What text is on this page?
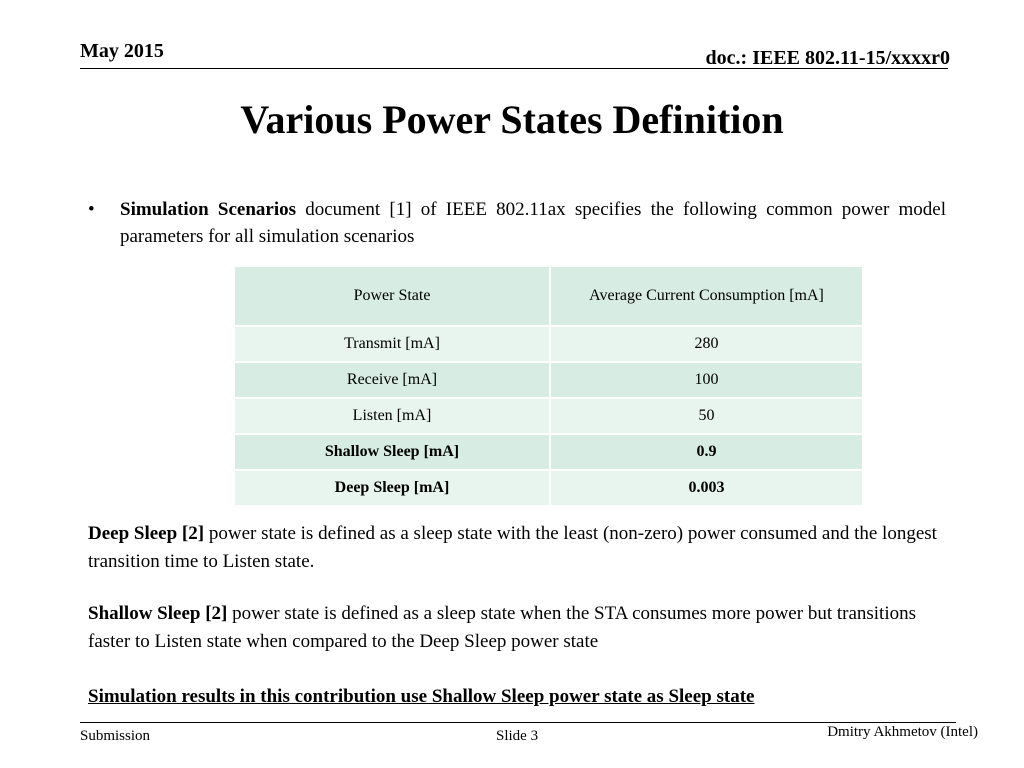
May 2015	doc.: IEEE 802.11-15/xxxxr0
Various Power States Definition
• Simulation Scenarios document [1] of IEEE 802.11ax specifies the following common power model parameters for all simulation scenarios
Power State	Average Current Consumption [mA]
Transmit [mA]	280
Receive [mA]	100
Listen [mA]	50
Shallow Sleep [mA]	0.9
Deep Sleep [mA]	0.003
Deep Sleep [2] power state is defined as a sleep state with the least (non-zero) power consumed and the longest transition time to Listen state.
Shallow Sleep [2] power state is defined as a sleep state when the STA consumes more power but transitions faster to Listen state when compared to the Deep Sleep power state
Simulation results in this contribution use Shallow Sleep power state as Sleep state
Submission	Slide 3	Dmitry Akhmetov (Intel)
